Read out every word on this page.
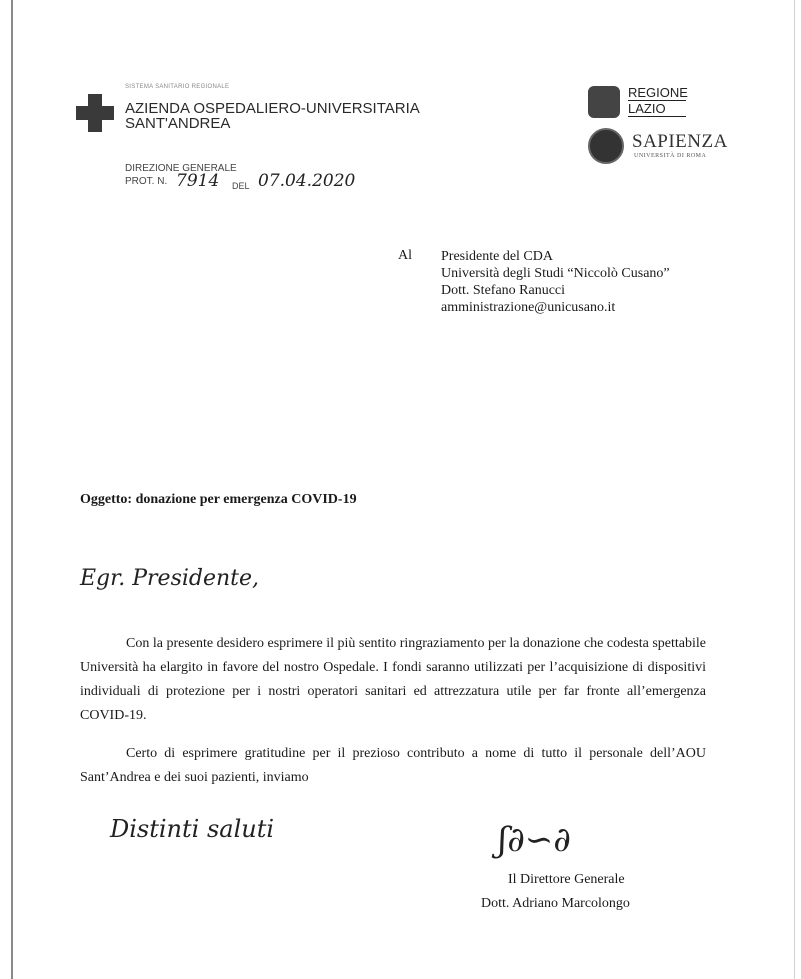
SISTEMA SANITARIO REGIONALE
AZIENDA OSPEDALIERO-UNIVERSITARIA
SANT'ANDREA
DIREZIONE GENERALE
PROT. N. 7914 DEL 07.04.2020
REGIONE
LAZIO
SAPIENZA
UNIVERSITÀ DI ROMA
Al Presidente del CDA
Università degli Studi “Niccolò Cusano”
Dott. Stefano Ranucci
amministrazione@unicusano.it
Oggetto: donazione per emergenza COVID-19
Egr. Presidente,

Con la presente desidero esprimere il più sentito ringraziamento per la donazione che codesta spettabile Università ha elargito in favore del nostro Ospedale. I fondi saranno utilizzati per l’acquisizione di dispositivi individuali di protezione per i nostri operatori sanitari ed attrezzatura utile per far fronte all’emergenza COVID-19.

Certo di esprimere gratitudine per il prezioso contributo a nome di tutto il personale dell’AOU Sant’Andrea e dei suoi pazienti, inviamo

Distinti saluti	ʃ∂∽∂
Il Direttore Generale
Dott. Adriano Marcolongo
